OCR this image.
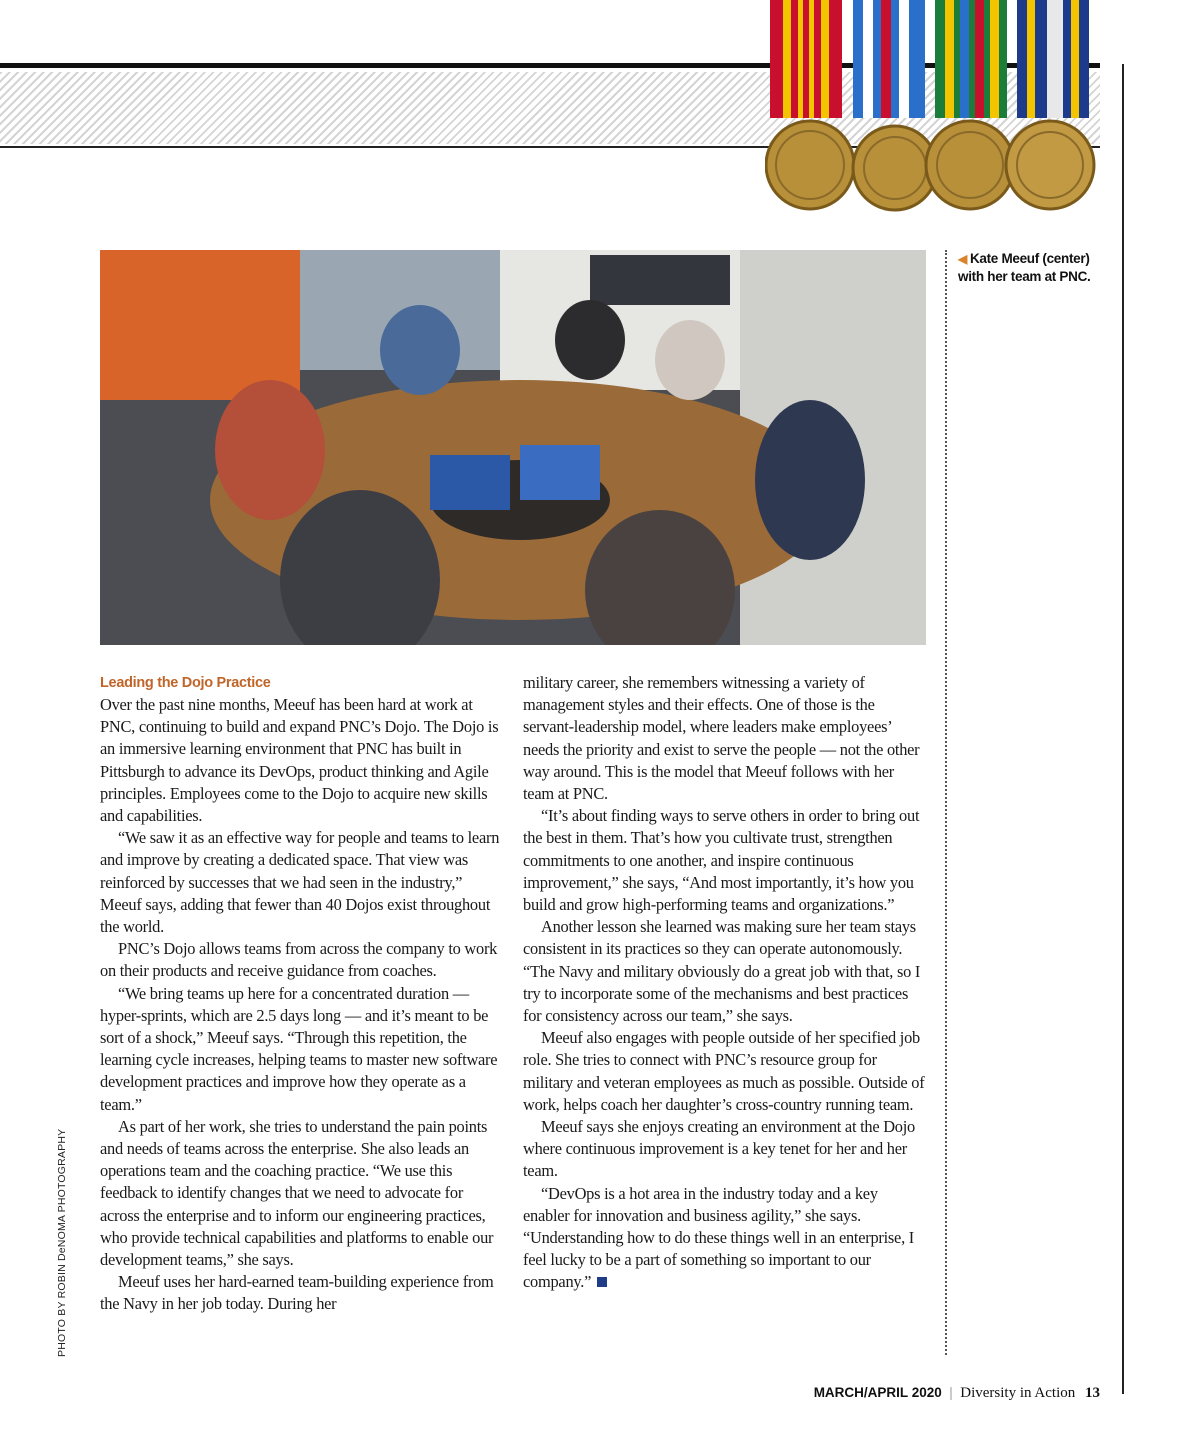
◀ Kate Meeuf (center) with her team at PNC.
PHOTO BY ROBIN DeNOMA PHOTOGRAPHY

Leading the Dojo Practice

Over the past nine months, Meeuf has been hard at work at PNC, continuing to build and expand PNC’s Dojo. The Dojo is an immersive learning environment that PNC has built in Pittsburgh to advance its DevOps, product thinking and Agile principles. Employees come to the Dojo to acquire new skills and capabilities.

“We saw it as an effective way for people and teams to learn and improve by creating a dedicated space. That view was reinforced by successes that we had seen in the industry,” Meeuf says, adding that fewer than 40 Dojos exist throughout the world.

PNC’s Dojo allows teams from across the company to work on their products and receive guidance from coaches.

“We bring teams up here for a concentrated duration — hyper-sprints, which are 2.5 days long — and it’s meant to be sort of a shock,” Meeuf says. “Through this repetition, the learning cycle increases, helping teams to master new software development practices and improve how they operate as a team.”

As part of her work, she tries to understand the pain points and needs of teams across the enterprise. She also leads an operations team and the coaching practice. “We use this feedback to identify changes that we need to advocate for across the enterprise and to inform our engineering practices, who provide technical capabilities and platforms to enable our development teams,” she says.

Meeuf uses her hard-earned team-building experience from the Navy in her job today. During her

military career, she remembers witnessing a variety of management styles and their effects. One of those is the servant-leadership model, where leaders make employees’ needs the priority and exist to serve the people — not the other way around. This is the model that Meeuf follows with her team at PNC.

“It’s about finding ways to serve others in order to bring out the best in them. That’s how you cultivate trust, strengthen commitments to one another, and inspire continuous improvement,” she says, “And most importantly, it’s how you build and grow high-performing teams and organizations.”

Another lesson she learned was making sure her team stays consistent in its practices so they can operate autonomously. “The Navy and military obviously do a great job with that, so I try to incorporate some of the mechanisms and best practices for consistency across our team,” she says.

Meeuf also engages with people outside of her specified job role. She tries to connect with PNC’s resource group for military and veteran employees as much as possible. Outside of work, helps coach her daughter’s cross-country running team.

Meeuf says she enjoys creating an environment at the Dojo where continuous improvement is a key tenet for her and her team.

“DevOps is a hot area in the industry today and a key enabler for innovation and business agility,” she says. “Understanding how to do these things well in an enterprise, I feel lucky to be a part of something so important to our company.”

MARCH/APRIL 2020 | Diversity in Action 13
